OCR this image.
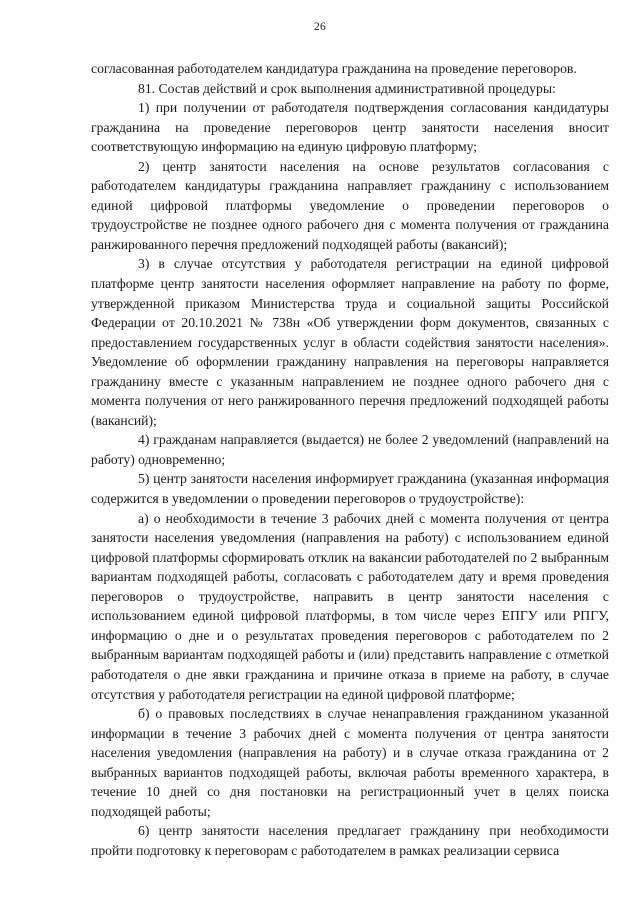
26

согласованная работодателем кандидатура гражданина на проведение переговоров.

81. Состав действий и срок выполнения административной процедуры:

1) при получении от работодателя подтверждения согласования кандидатуры гражданина на проведение переговоров центр занятости населения вносит соответствующую информацию на единую цифровую платформу;

2) центр занятости населения на основе результатов согласования с работодателем кандидатуры гражданина направляет гражданину с использованием единой цифровой платформы уведомление о проведении переговоров о трудоустройстве не позднее одного рабочего дня с момента получения от гражданина ранжированного перечня предложений подходящей работы (вакансий);

3) в случае отсутствия у работодателя регистрации на единой цифровой платформе центр занятости населения оформляет направление на работу по форме, утвержденной приказом Министерства труда и социальной защиты Российской Федерации от 20.10.2021 № 738н «Об утверждении форм документов, связанных с предоставлением государственных услуг в области содействия занятости населения». Уведомление об оформлении гражданину направления на переговоры направляется гражданину вместе с указанным направлением не позднее одного рабочего дня с момента получения от него ранжированного перечня предложений подходящей работы (вакансий);

4) гражданам направляется (выдается) не более 2 уведомлений (направлений на работу) одновременно;

5) центр занятости населения информирует гражданина (указанная информация содержится в уведомлении о проведении переговоров о трудоустройстве):

а) о необходимости в течение 3 рабочих дней с момента получения от центра занятости населения уведомления (направления на работу) с использованием единой цифровой платформы сформировать отклик на вакансии работодателей по 2 выбранным вариантам подходящей работы, согласовать с работодателем дату и время проведения переговоров о трудоустройстве, направить в центр занятости населения с использованием единой цифровой платформы, в том числе через ЕПГУ или РПГУ, информацию о дне и о результатах проведения переговоров с работодателем по 2 выбранным вариантам подходящей работы и (или) представить направление с отметкой работодателя о дне явки гражданина и причине отказа в приеме на работу, в случае отсутствия у работодателя регистрации на единой цифровой платформе;

б) о правовых последствиях в случае ненаправления гражданином указанной информации в течение 3 рабочих дней с момента получения от центра занятости населения уведомления (направления на работу) и в случае отказа гражданина от 2 выбранных вариантов подходящей работы, включая работы временного характера, в течение 10 дней со дня постановки на регистрационный учет в целях поиска подходящей работы;

6) центр занятости населения предлагает гражданину при необходимости пройти подготовку к переговорам с работодателем в рамках реализации сервиса
